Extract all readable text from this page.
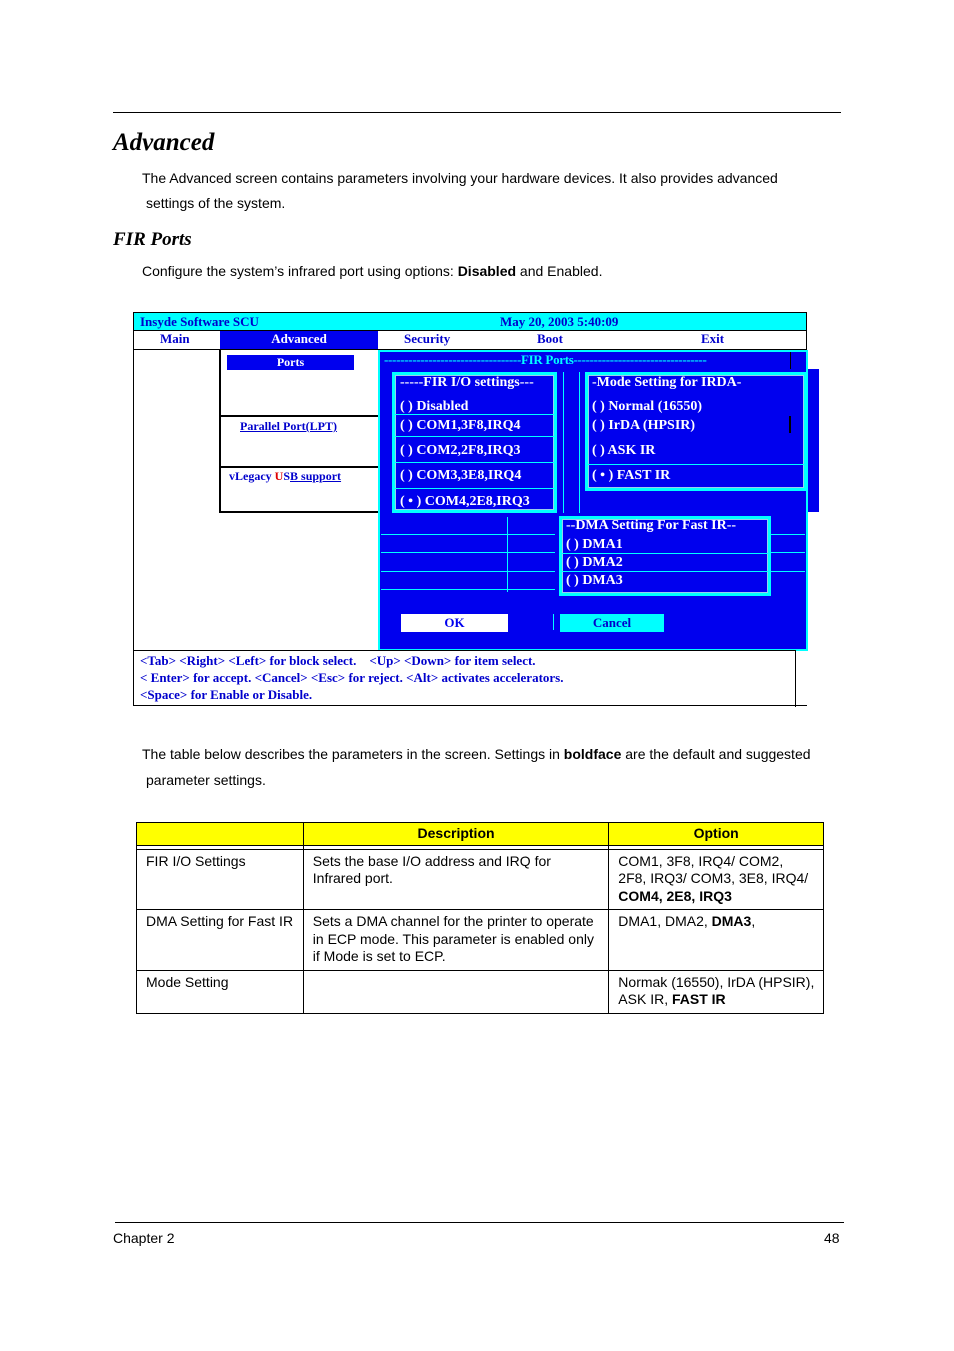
Advanced
The Advanced screen contains parameters involving your hardware devices. It also provides advanced
settings of the system.
FIR Ports
Configure the system’s infrared port using options: Disabled and Enabled.
Insyde Software SCU	May 20, 2003 5:40:09
Main	Advanced	Security	Boot	Exit
Ports
Parallel Port(LPT)
vLegacy USB support
----------------------------------FIR Ports---------------------------------
-----FIR I/O settings---
( ) Disabled
( ) COM1,3F8,IRQ4
( ) COM2,2F8,IRQ3
( ) COM3,3E8,IRQ4
( • ) COM4,2E8,IRQ3
-Mode Setting for IRDA-
( ) Normal (16550)
( ) IrDA (HPSIR)
( ) ASK IR
( • ) FAST IR
--DMA Setting For Fast IR--
( ) DMA1
( ) DMA2
( ) DMA3
OK	Cancel
<Tab> <Right> <Left> for block select.    <Up> <Down> for item select.
< Enter> for accept. <Cancel> <Esc> for reject. <Alt> activates accelerators.
<Space> for Enable or Disable.
The table below describes the parameters in the screen. Settings in boldface are the default and suggested
parameter settings.
	Description	Option

FIR I/O Settings	Sets the base I/O address and IRQ for Infrared port.	COM1, 3F8, IRQ4/ COM2, 2F8, IRQ3/ COM3, 3E8, IRQ4/ COM4, 2E8, IRQ3
DMA Setting for Fast IR	Sets a DMA channel for the printer to operate in ECP mode. This parameter is enabled only if Mode is set to ECP.	DMA1, DMA2, DMA3,
Mode Setting		Normak (16550), IrDA (HPSIR), ASK IR, FAST IR
Chapter 2	48
